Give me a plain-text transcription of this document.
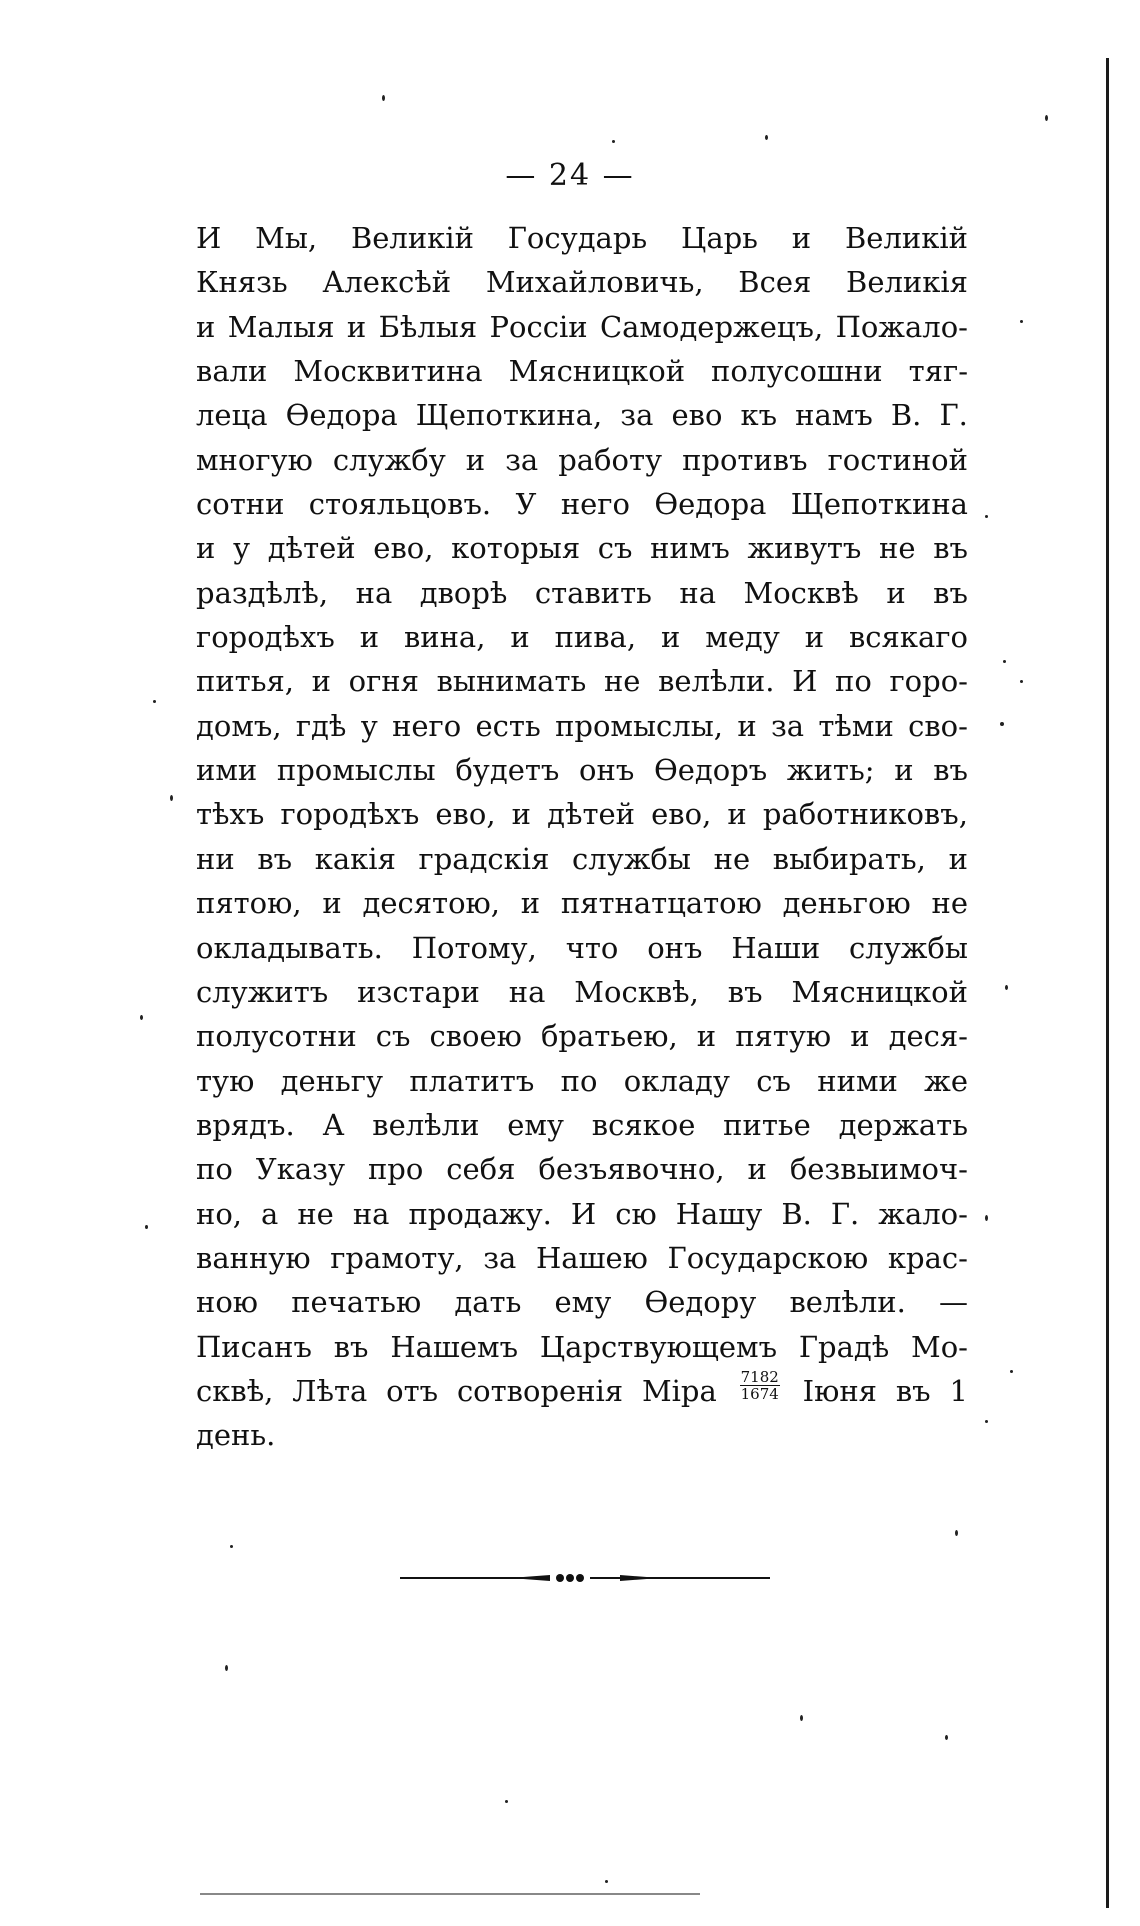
— 24 —
И Мы, Великій Государь Царь и Великій
Князь Алексѣй Михайловичь, Всея Великія
и Малыя и Бѣлыя Россіи Самодержецъ, Пожало-
вали Москвитина Мясницкой полусошни тяг-
леца Ѳедора Щепоткина, за ево къ намъ В. Г.
многую службу и за работу противъ гостиной
сотни стояльцовъ. У него Ѳедора Щепоткина
и у дѣтей ево, которыя съ нимъ живутъ не въ
раздѣлѣ, на дворѣ ставить на Москвѣ и въ
городѣхъ и вина, и пива, и меду и всякаго
питья, и огня вынимать не велѣли. И по горо-
домъ, гдѣ у него есть промыслы, и за тѣми сво-
ими промыслы будетъ онъ Ѳедоръ жить; и въ
тѣхъ городѣхъ ево, и дѣтей ево, и работниковъ,
ни въ какія градскія службы не выбирать, и
пятою, и десятою, и пятнатцатою деньгою не
окладывать. Потому, что онъ Наши службы
служитъ изстари на Москвѣ, въ Мясницкой
полусотни съ своею братьею, и пятую и деся-
тую деньгу платитъ по окладу съ ними же
врядъ. А велѣли ему всякое питье держать
по Указу про себя безъявочно, и безвыимоч-
но, а не на продажу. И сю Нашу В. Г. жало-
ванную грамоту, за Нашею Государскою крас-
ною печатью дать ему Ѳедору велѣли. —
Писанъ въ Нашемъ Царствующемъ Градѣ Мо-
сквѣ, Лѣта отъ сотворенія Міра $\frac{7182}{1674}$ Іюня въ 1
день.
